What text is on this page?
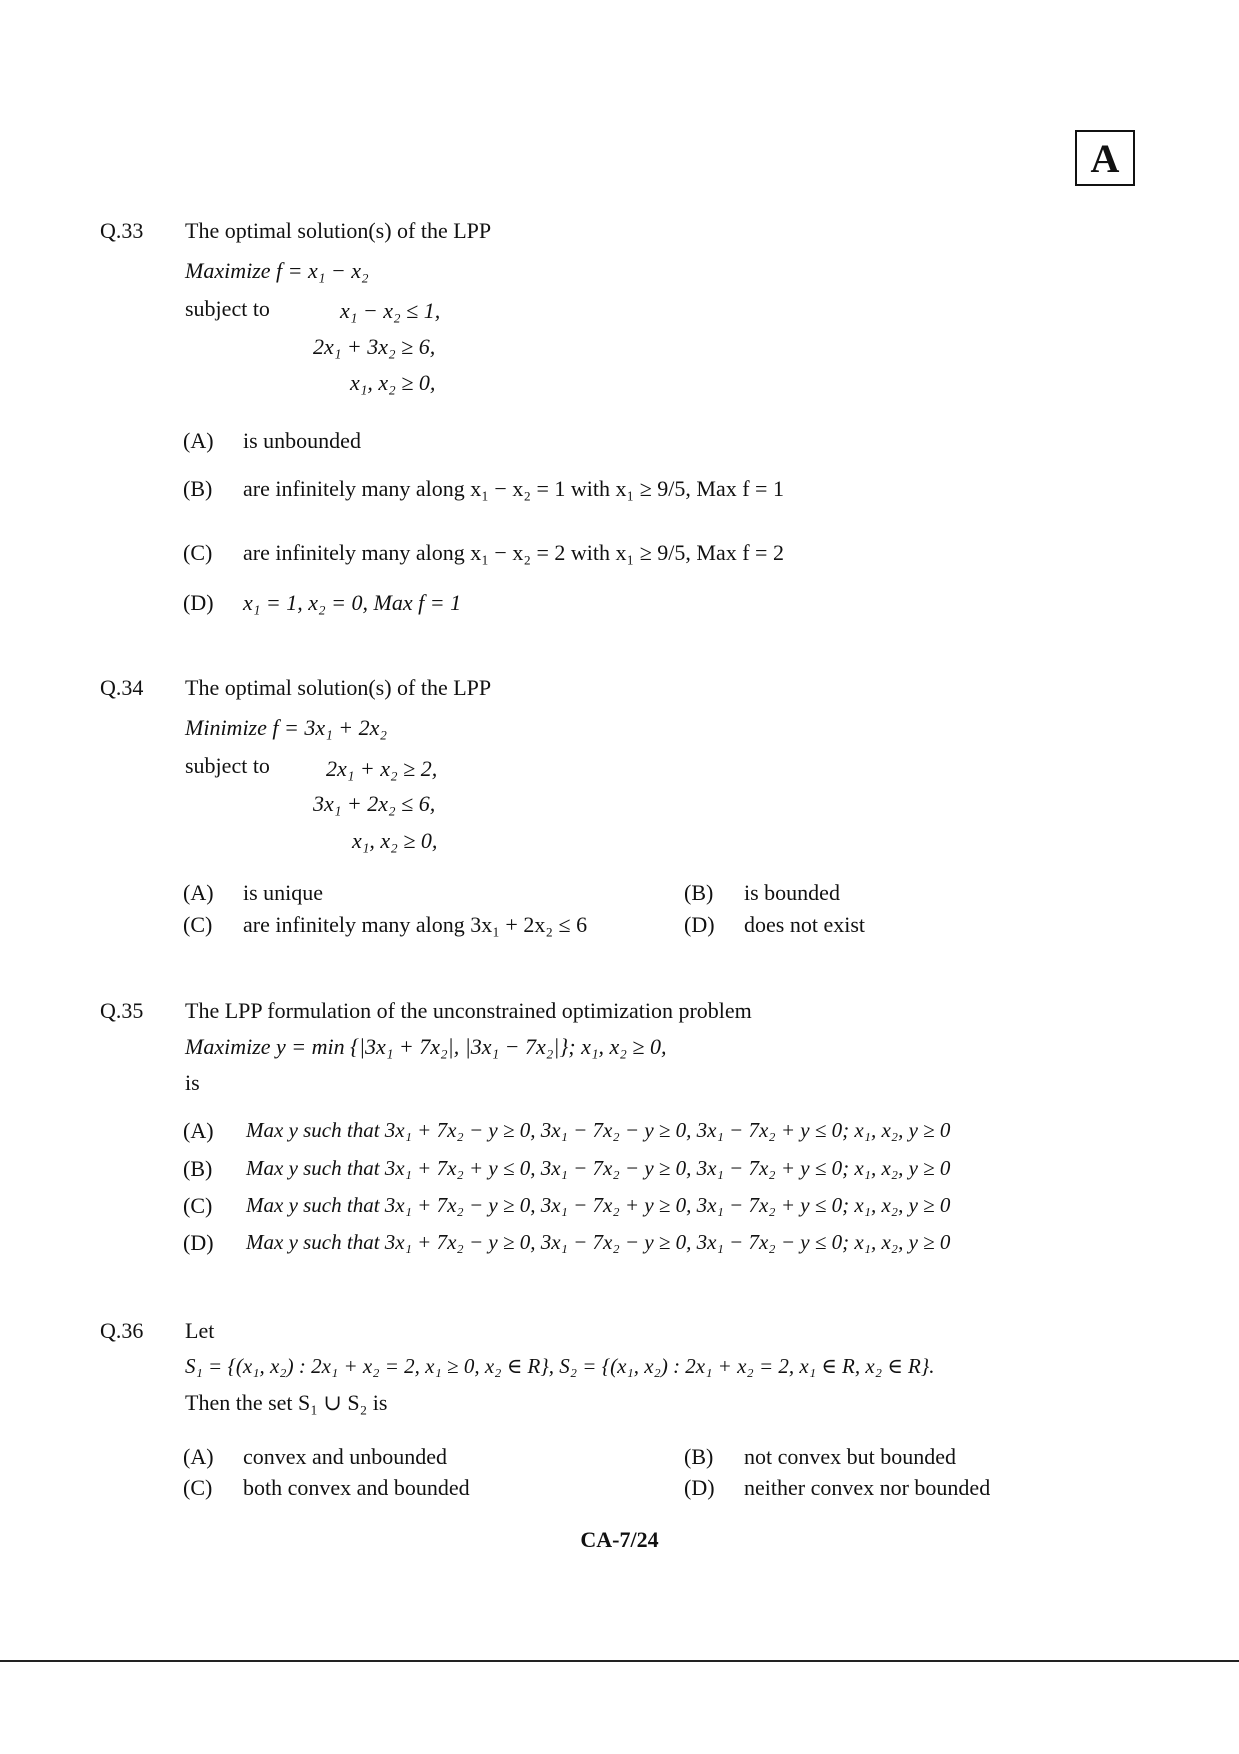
A
Q.33 The optimal solution(s) of the LPP
Maximize f = x₁ − x₂
subject to	x₁ − x₂ ≤ 1,
2x₁ + 3x₂ ≥ 6,
x₁, x₂ ≥ 0,
(A) is unbounded
(B) are infinitely many along x₁ − x₂ = 1 with x₁ ≥ 9/5, Max f = 1
(C) are infinitely many along x₁ − x₂ = 2 with x₁ ≥ 9/5, Max f = 2
(D) x₁ = 1, x₂ = 0, Max f = 1
Q.34 The optimal solution(s) of the LPP
Minimize f = 3x₁ + 2x₂
subject to	2x₁ + x₂ ≥ 2,
3x₁ + 2x₂ ≤ 6,
x₁, x₂ ≥ 0,
(A) is unique	(B) is bounded
(C) are infinitely many along 3x₁ + 2x₂ ≤ 6	(D) does not exist
Q.35 The LPP formulation of the unconstrained optimization problem
Maximize y = min {|3x₁ + 7x₂|, |3x₁ − 7x₂|}; x₁, x₂ ≥ 0,
is
(A) Max y such that 3x₁ + 7x₂ − y ≥ 0, 3x₁ − 7x₂ − y ≥ 0, 3x₁ − 7x₂ + y ≤ 0; x₁, x₂, y ≥ 0
(B) Max y such that 3x₁ + 7x₂ + y ≤ 0, 3x₁ − 7x₂ − y ≥ 0, 3x₁ − 7x₂ + y ≤ 0; x₁, x₂, y ≥ 0
(C) Max y such that 3x₁ + 7x₂ − y ≥ 0, 3x₁ − 7x₂ + y ≥ 0, 3x₁ − 7x₂ + y ≤ 0; x₁, x₂, y ≥ 0
(D) Max y such that 3x₁ + 7x₂ − y ≥ 0, 3x₁ − 7x₂ − y ≥ 0, 3x₁ − 7x₂ − y ≤ 0; x₁, x₂, y ≥ 0
Q.36 Let
S₁ = {(x₁, x₂) : 2x₁ + x₂ = 2, x₁ ≥ 0, x₂ ∈ R}, S₂ = {(x₁, x₂) : 2x₁ + x₂ = 2, x₁ ∈ R, x₂ ∈ R}.
Then the set S₁ ∪ S₂ is
(A) convex and unbounded	(B) not convex but bounded
(C) both convex and bounded	(D) neither convex nor bounded
CA-7/24
